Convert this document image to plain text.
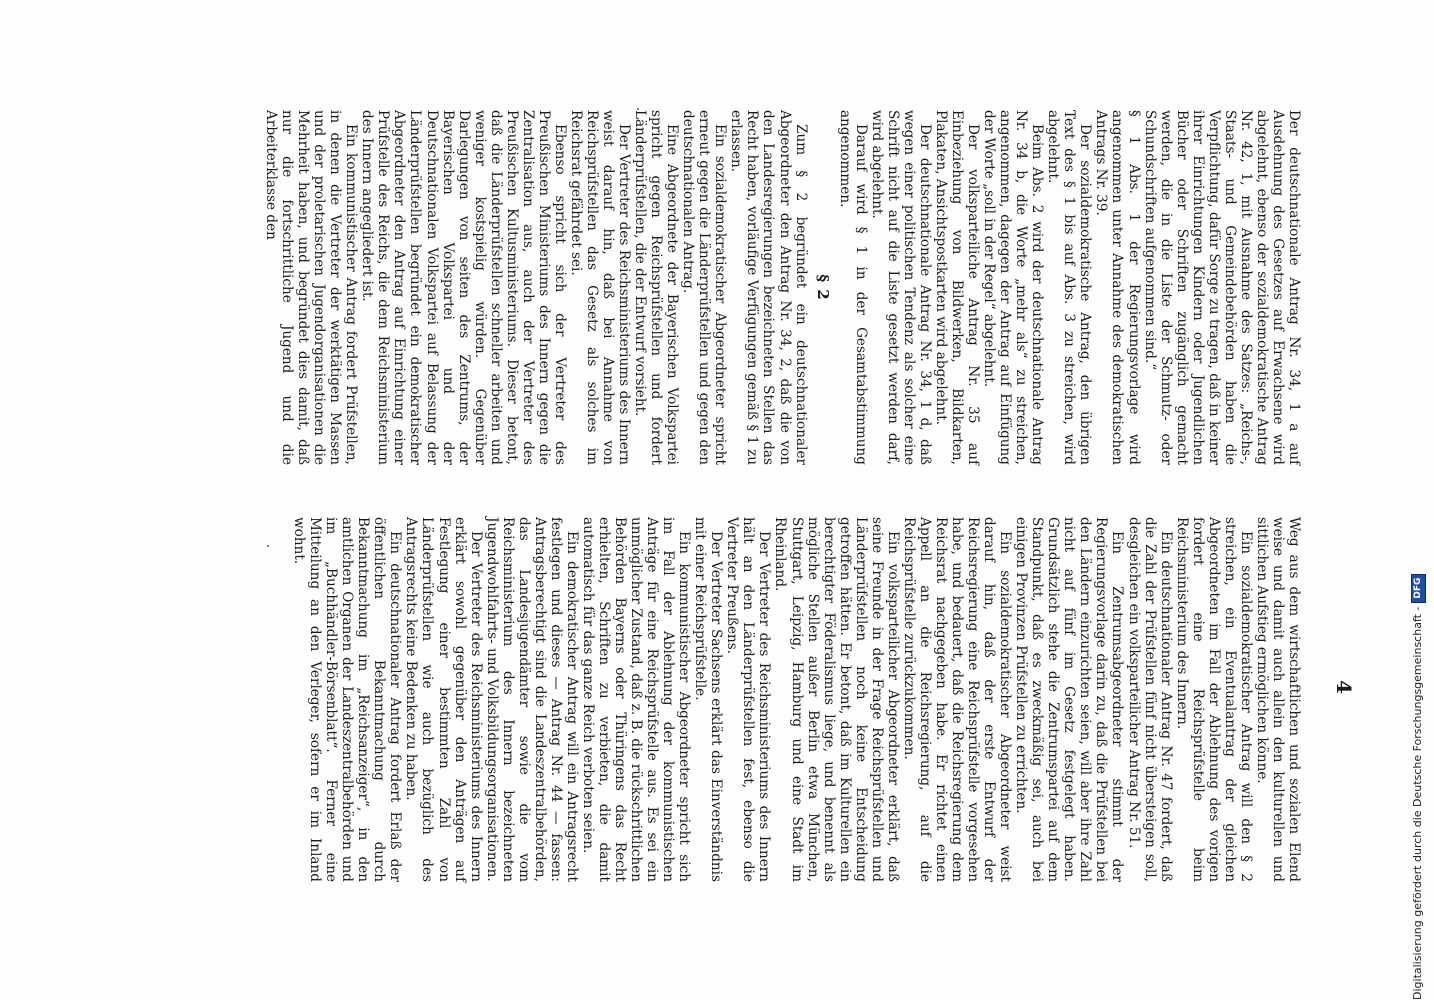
4

Der deutschnationale Antrag Nr. 34, 1 a auf Ausdehnung des Gesetzes auf Erwachsene wird abgelehnt, ebenso der sozialdemokratische Antrag Nr. 42, 1, mit Ausnahme des Satzes: „Reichs-, Staats- und Gemeindebehörden haben die Verpflichtung, dafür Sorge zu tragen, daß in keiner ihrer Einrichtungen Kindern oder Jugendlichen Bücher oder Schriften zugänglich gemacht werden, die in die Liste der Schmutz- oder Schundschriften aufgenommen sind.“

§ 1 Abs. 1 der Regierungsvorlage wird angenommen unter Annahme des demokratischen Antrags Nr. 39.

Der sozialdemokratische Antrag, den übrigen Text des § 1 bis auf Abs. 3 zu streichen, wird abgelehnt.

Beim Abs. 2 wird der deutschnationale Antrag Nr. 34 b, die Worte „mehr als“ zu streichen, angenommen, dagegen der Antrag auf Einfügung der Worte „soll in der Regel“ abgelehnt.

Der volksparteiliche Antrag Nr. 35 auf Einbeziehung von Bildwerken, Bildkarten, Plakaten, Ansichtspostkarten wird abgelehnt.

Der deutschnationale Antrag Nr. 34, 1 d, daß wegen einer politischen Tendenz als solcher eine Schrift nicht auf die Liste gesetzt werden darf, wird abgelehnt.

Darauf wird § 1 in der Gesamtabstimmung angenommen.

§ 2

Zum § 2 begründet ein deutschnationaler Abgeordneter den Antrag Nr. 34, 2, daß die von den Landesregierungen bezeichneten Stellen das Recht haben, vorläufige Verfügungen gemäß § 1 zu erlassen.

Ein sozialdemokratischer Abgeordneter spricht erneut gegen die Länderprüfstellen und gegen den deutschnationalen Antrag.

Eine Abgeordnete der Bayerischen Volkspartei spricht gegen Reichsprüfstellen und fordert Länderprüfstellen, die der Entwurf vorsieht.

Der Vertreter des Reichsministeriums des Innern weist darauf hin, daß bei Annahme von Reichsprüfstellen das Gesetz als solches im Reichsrat gefährdet sei.

Ebenso spricht sich der Vertreter des Preußischen Ministeriums des Innern gegen die Zentralisation aus, auch der Vertreter des Preußischen Kultusministeriums. Dieser betont, daß die Länderprüfstellen schneller arbeiten und weniger kostspielig würden. Gegenüber Darlegungen von seiten des Zentrums, der Bayerischen Volkspartei und der Deutschnationalen Volkspartei auf Belassung der Länderprüfstellen begründet ein demokratischer Abgeordneter den Antrag auf Einrichtung einer Prüfstelle des Reichs, die dem Reichsministerium des Innern angegliedert ist.

Ein kommunistischer Antrag fordert Prüfstellen, in denen die Vertreter der werktätigen Massen und der proletarischen Jugendorganisationen die Mehrheit haben, und begründet dies damit, daß nur die fortschrittliche Jugend und die Arbeiterklasse den

Weg aus dem wirtschaftlichen und sozialen Elend weise und damit auch allein den kulturellen und sittlichen Aufstieg ermöglichen könne.

Ein sozialdemokratischer Antrag will den § 2 streichen, ein Eventualantrag der gleichen Abgeordneten im Fall der Ablehnung des vorigen fordert eine Reichsprüfstelle beim Reichsministerium des Innern.

Ein deutschnationaler Antrag Nr. 47 fordert, daß die Zahl der Prüfstellen fünf nicht übersteigen soll, desgleichen ein volksparteilicher Antrag Nr. 51.

Ein Zentrumsabgeordneter stimmt der Regierungsvorlage darin zu, daß die Prüfstellen bei den Ländern einzurichten seien, will aber ihre Zahl nicht auf fünf im Gesetz festgelegt haben. Grundsätzlich stehe die Zentrumspartei auf dem Standpunkt, daß es zweckmäßig sei, auch bei einigen Provinzen Prüfstellen zu errichten.

Ein sozialdemokratischer Abgeordneter weist darauf hin, daß der erste Entwurf der Reichsregierung eine Reichsprüfstelle vorgesehen habe, und bedauert, daß die Reichsregierung dem Reichsrat nachgegeben habe. Er richtet einen Appell an die Reichsregierung, auf die Reichsprüfstelle zurückzukommen.

Ein volksparteilicher Abgeordneter erklärt, daß seine Freunde in der Frage Reichsprüfstellen und Länderprüfstellen noch keine Entscheidung getroffen hätten. Er betont, daß im Kulturellen ein berechtigter Föderalismus liege, und benennt als mögliche Stellen außer Berlin etwa München, Stuttgart, Leipzig, Hamburg und eine Stadt im Rheinland.

Der Vertreter des Reichsministeriums des Innern hält an den Länderprüfstellen fest, ebenso die Vertreter Preußens.

Der Vertreter Sachsens erklärt das Einverständnis mit einer Reichsprüfstelle.

Ein kommunistischer Abgeordneter spricht sich im Fall der Ablehnung der kommunistischen Anträge für eine Reichsprüfstelle aus. Es sei ein unmöglicher Zustand, daß z. B. die rückschrittlichen Behörden Bayerns oder Thüringens das Recht erhielten, Schriften zu verbieten, die damit automatisch für das ganze Reich verboten seien.

Ein demokratischer Antrag will ein Antragsrecht festlegen und dieses — Antrag Nr. 44 — fassen: Antragsberechtigt sind die Landeszentralbehörden, das Landesjugendämter sowie die vom Reichsministerium des Innern bezeichneten Jugendwohlfahrts- und Volksbildungsorganisationen.

Der Vertreter des Reichsministeriums des Innern erklärt sowohl gegenüber den Anträgen auf Festlegung einer bestimmten Zahl von Länderprüfstellen wie auch bezüglich des Antragsrechts keine Bedenken zu haben.

Ein deutschnationaler Antrag fordert Erlaß der öffentlichen Bekanntmachung durch Bekanntmachung im „Reichsanzeiger“, in den amtlichen Organen der Landeszentralbehörden und im „Buchhändler-Börsenblatt“. Ferner eine Mitteilung an den Verleger, sofern er im Inland wohnt.

Digitalisierung gefördert durch die Deutsche Forschungsgemeinschaft -DFG
